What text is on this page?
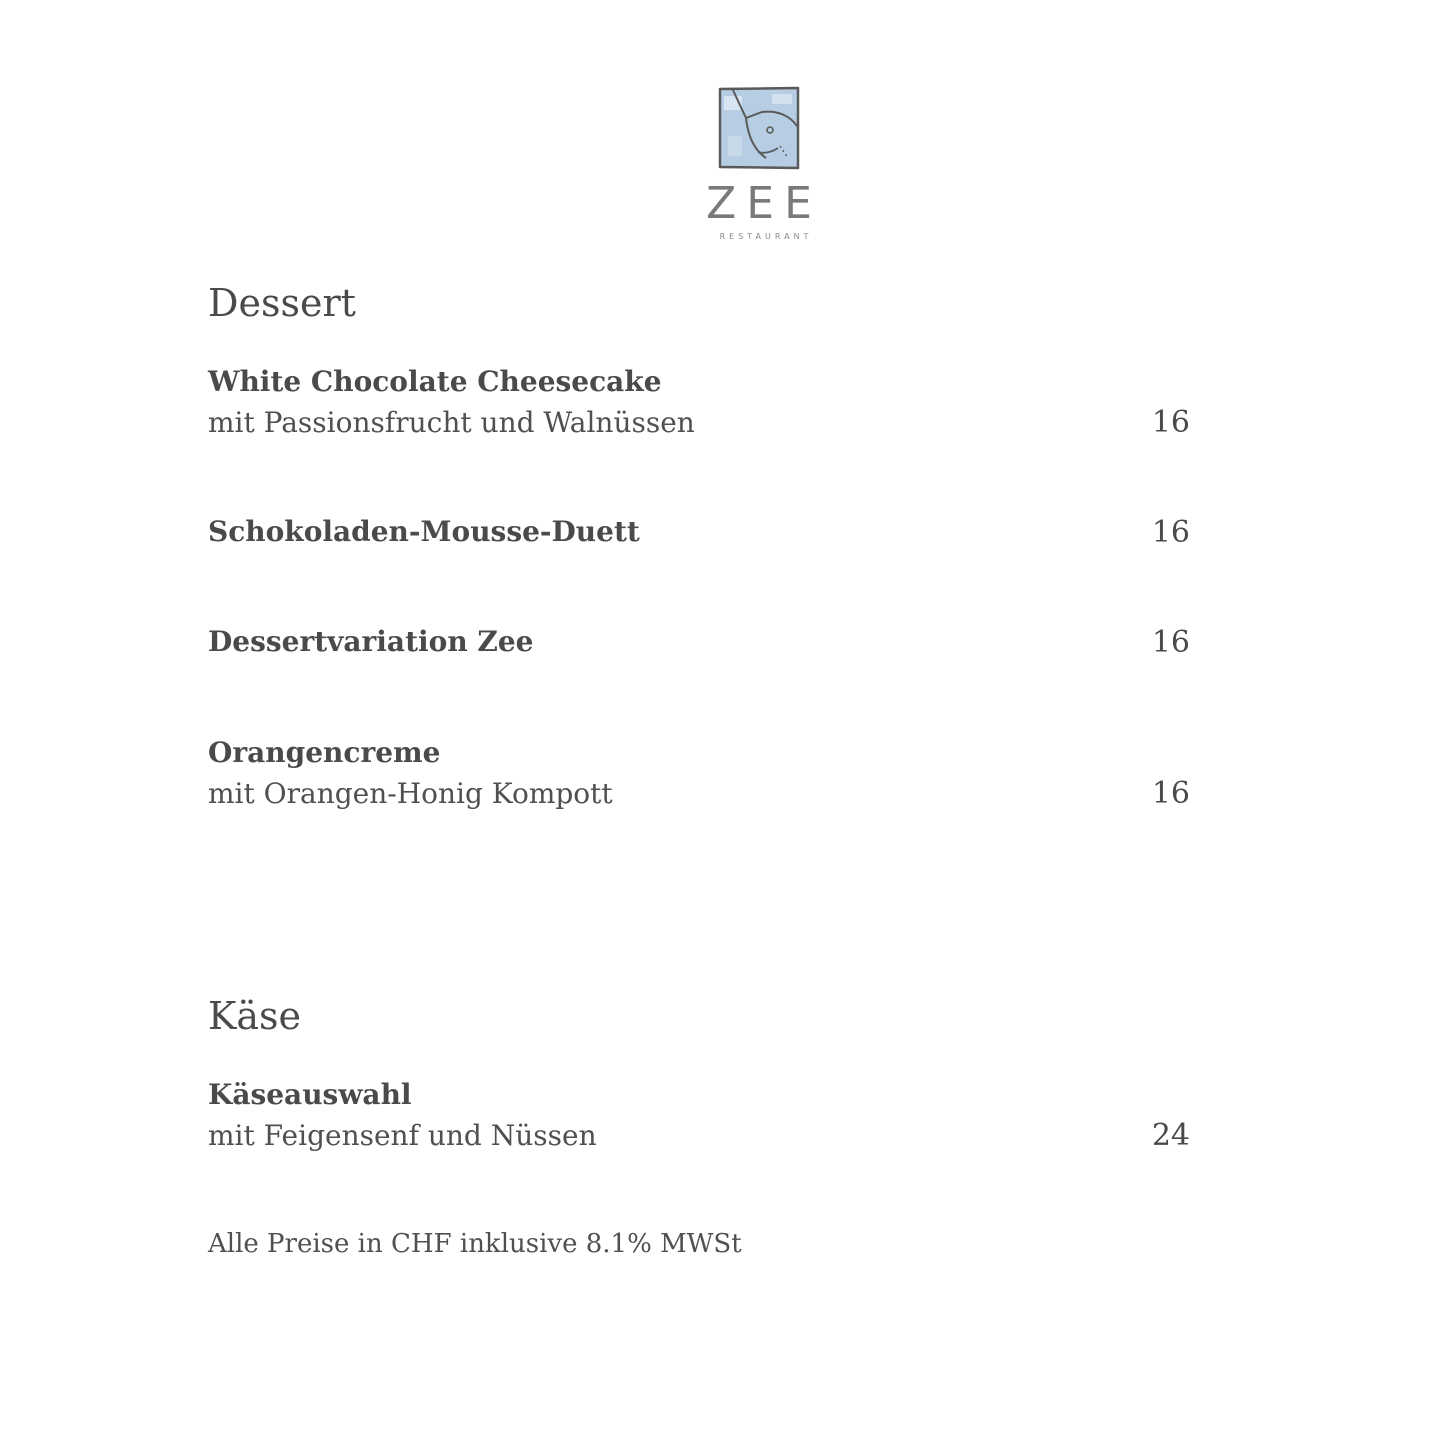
ZEE
RESTAURANT
Dessert
White Chocolate Cheesecake
mit Passionsfrucht und Walnüssen	16
Schokoladen-Mousse-Duett	16
Dessertvariation Zee	16
Orangencreme
mit Orangen-Honig Kompott	16
Käse
Käseauswahl
mit Feigensenf und Nüssen	24
Alle Preise in CHF inklusive 8.1% MWSt
